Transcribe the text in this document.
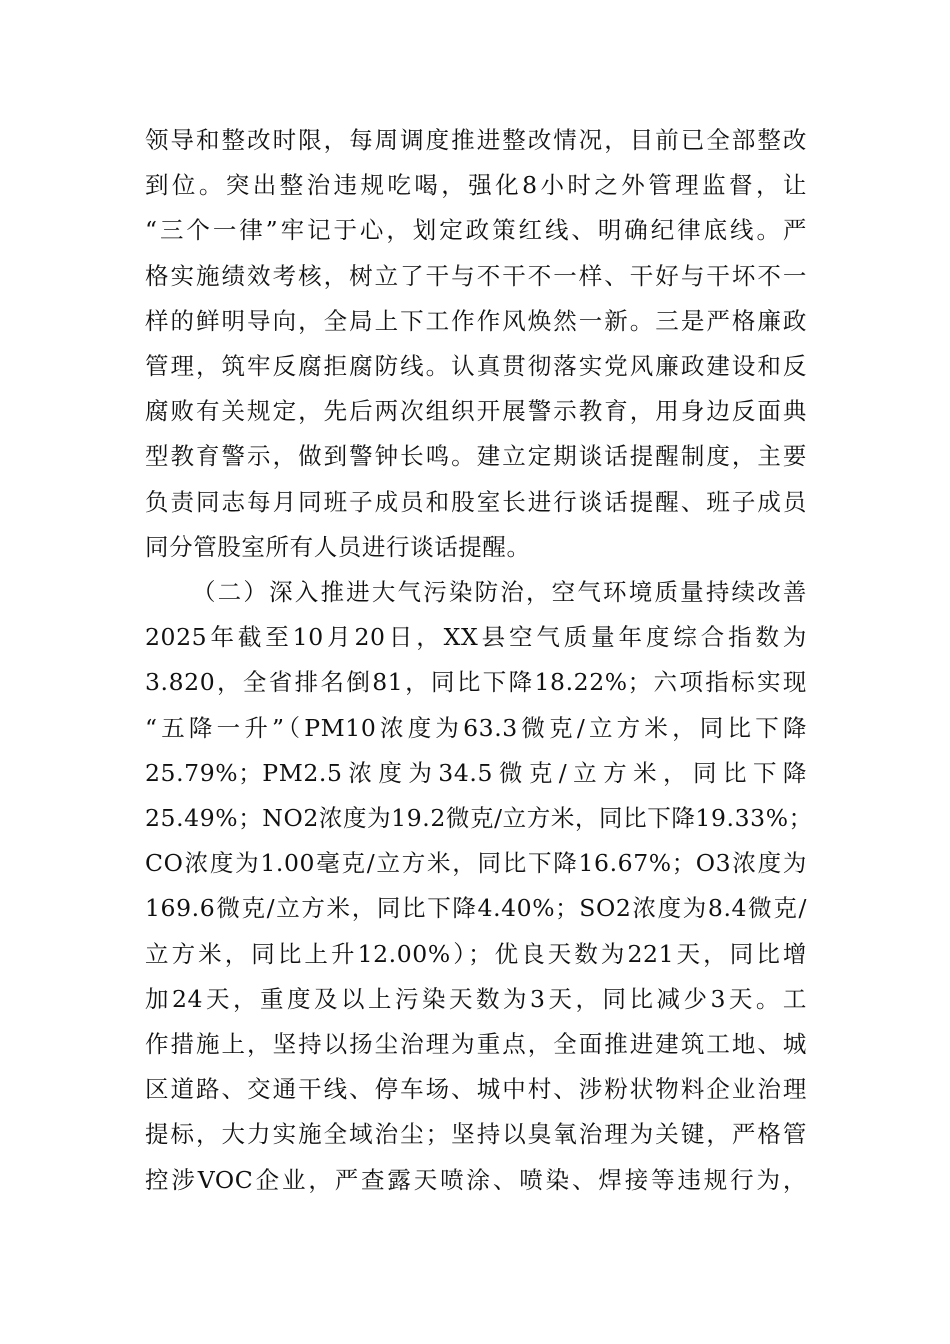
领导和整改时限，每周调度推进整改情况，目前已全部整改
到位。突出整治违规吃喝，强化8小时之外管理监督，让
“三个一律”牢记于心，划定政策红线、明确纪律底线。严
格实施绩效考核，树立了干与不干不一样、干好与干坏不一
样的鲜明导向，全局上下工作作风焕然一新。三是严格廉政
管理，筑牢反腐拒腐防线。认真贯彻落实党风廉政建设和反
腐败有关规定，先后两次组织开展警示教育，用身边反面典
型教育警示，做到警钟长鸣。建立定期谈话提醒制度，主要
负责同志每月同班子成员和股室长进行谈话提醒、班子成员
同分管股室所有人员进行谈话提醒。
（二）深入推进大气污染防治，空气环境质量持续改善
2025年截至10月20日，XX县空气质量年度综合指数为
3.820，全省排名倒81，同比下降18.22%；六项指标实现
“五降一升”（PM10浓度为63.3微克/立方米，同比下降
25.79%；PM2.5浓度为34.5微克/立方米，同比下降
25.49%；NO2浓度为19.2微克/立方米，同比下降19.33%；
CO浓度为1.00毫克/立方米，同比下降16.67%；O3浓度为
169.6微克/立方米，同比下降4.40%；SO2浓度为8.4微克/
立方米，同比上升12.00%）；优良天数为221天，同比增
加24天，重度及以上污染天数为3天，同比减少3天。工
作措施上，坚持以扬尘治理为重点，全面推进建筑工地、城
区道路、交通干线、停车场、城中村、涉粉状物料企业治理
提标，大力实施全域治尘；坚持以臭氧治理为关键，严格管
控涉VOC企业，严查露天喷涂、喷染、焊接等违规行为，
